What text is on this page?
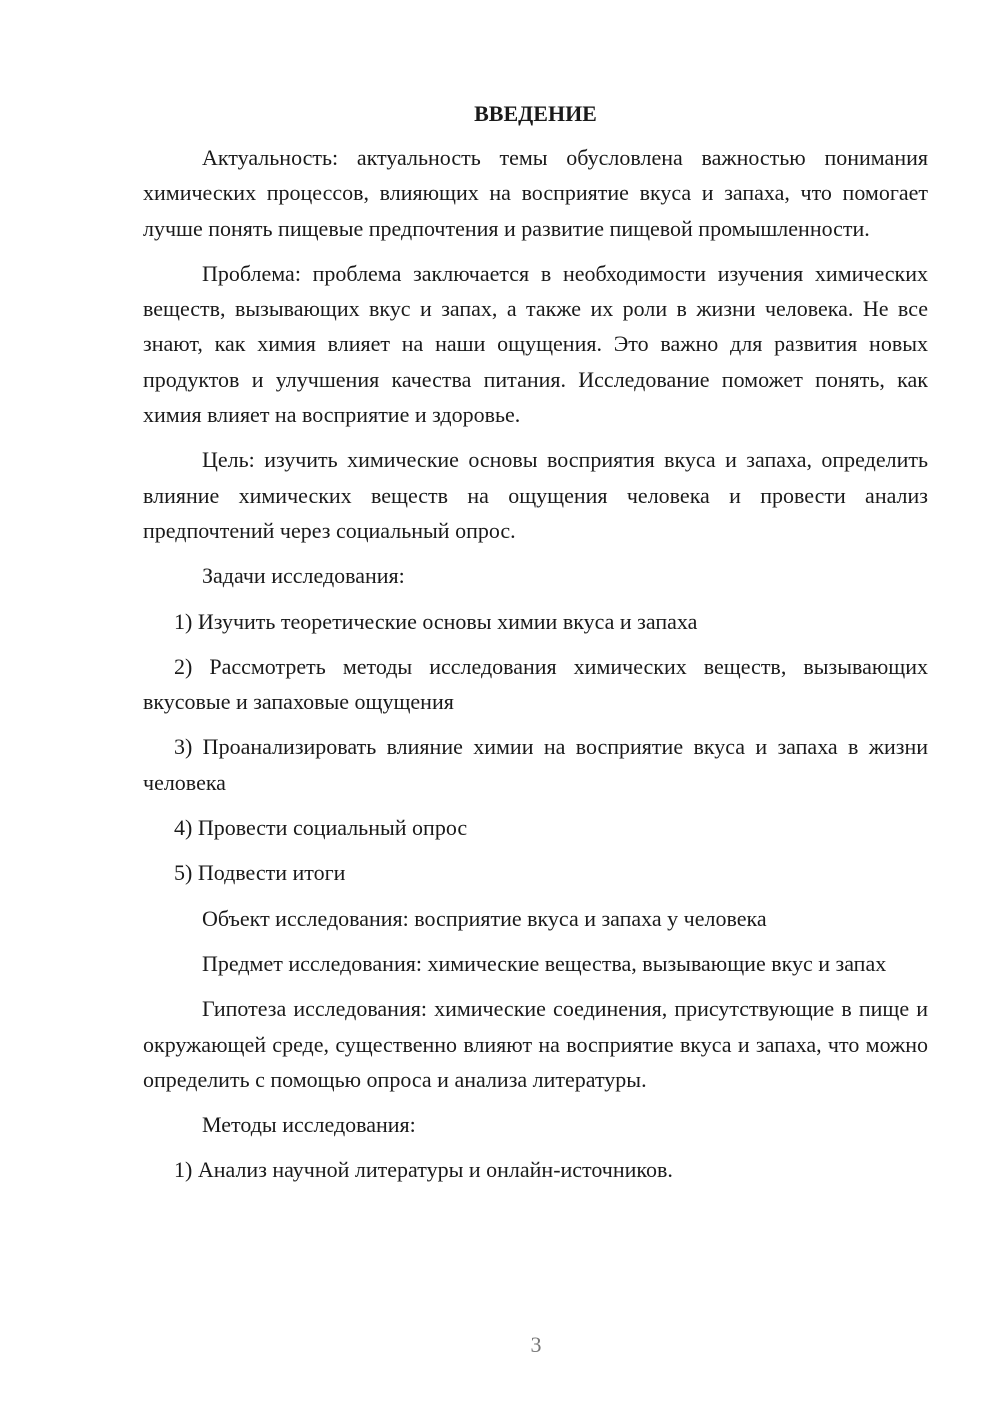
ВВЕДЕНИЕ

Актуальность: актуальность темы обусловлена важностью понимания химических процессов, влияющих на восприятие вкуса и запаха, что помогает лучше понять пищевые предпочтения и развитие пищевой промышленности.

Проблема: проблема заключается в необходимости изучения химических веществ, вызывающих вкус и запах, а также их роли в жизни человека. Не все знают, как химия влияет на наши ощущения. Это важно для развития новых продуктов и улучшения качества питания. Исследование поможет понять, как химия влияет на восприятие и здоровье.

Цель: изучить химические основы восприятия вкуса и запаха, определить влияние химических веществ на ощущения человека и провести анализ предпочтений через социальный опрос.

Задачи исследования:

1) Изучить теоретические основы химии вкуса и запаха

2) Рассмотреть методы исследования химических веществ, вызывающих вкусовые и запаховые ощущения

3) Проанализировать влияние химии на восприятие вкуса и запаха в жизни человека

4) Провести социальный опрос

5) Подвести итоги

Объект исследования: восприятие вкуса и запаха у человека

Предмет исследования: химические вещества, вызывающие вкус и запах

Гипотеза исследования: химические соединения, присутствующие в пище и окружающей среде, существенно влияют на восприятие вкуса и запаха, что можно определить с помощью опроса и анализа литературы.

Методы исследования:

1) Анализ научной литературы и онлайн-источников.

3
